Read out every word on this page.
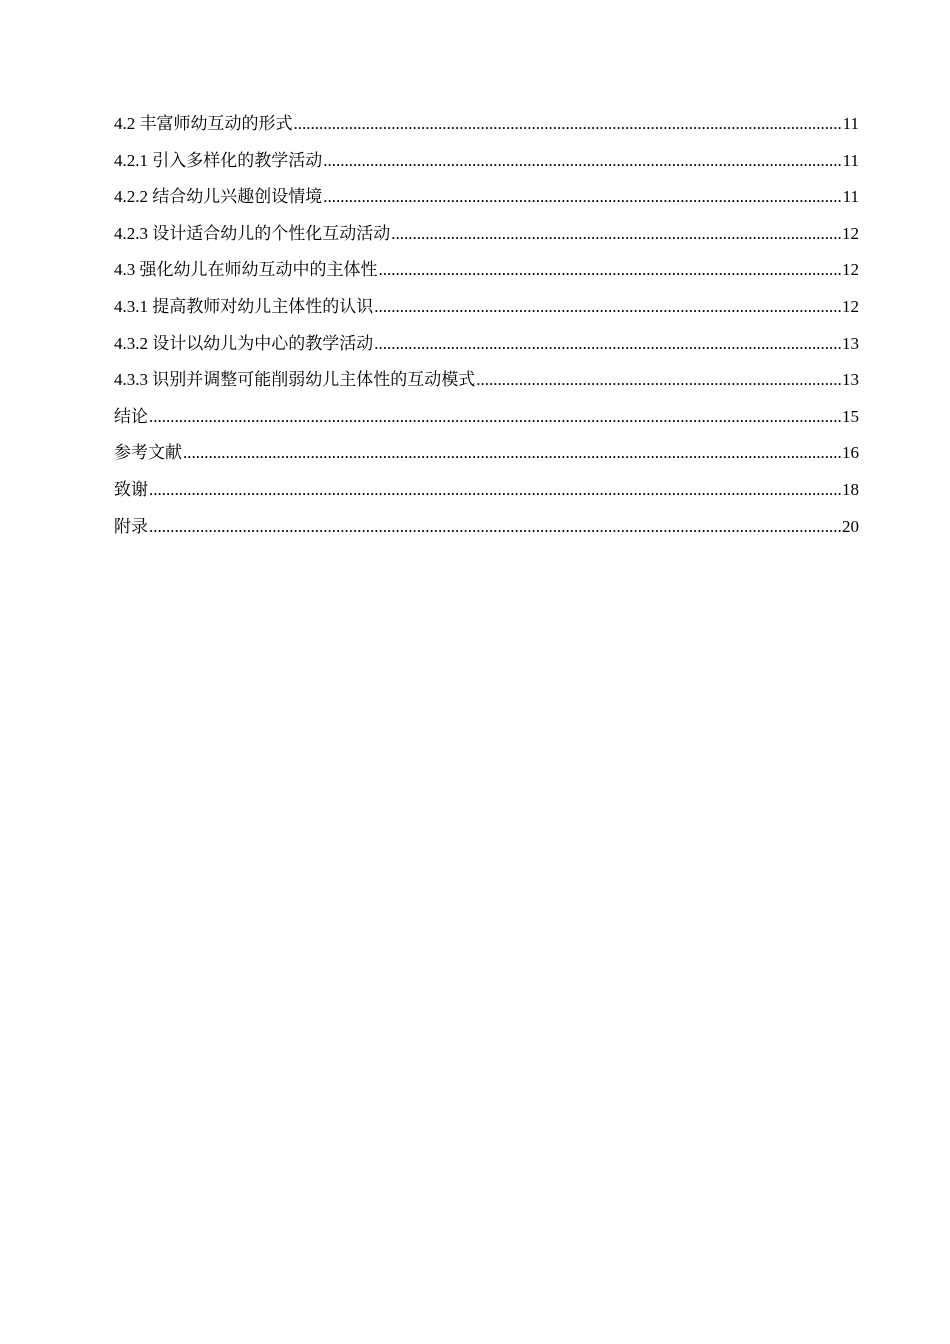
4.2 丰富师幼互动的形式 .....	11
4.2.1 引入多样化的教学活动 .....	11
4.2.2 结合幼儿兴趣创设情境 .....	11
4.2.3 设计适合幼儿的个性化互动活动 .....	12
4.3 强化幼儿在师幼互动中的主体性 .....	12
4.3.1 提高教师对幼儿主体性的认识 .....	12
4.3.2 设计以幼儿为中心的教学活动 .....	13
4.3.3 识别并调整可能削弱幼儿主体性的互动模式 .....	13
结论 .....	15
参考文献 .....	16
致谢 .....	18
附录 .....	20
